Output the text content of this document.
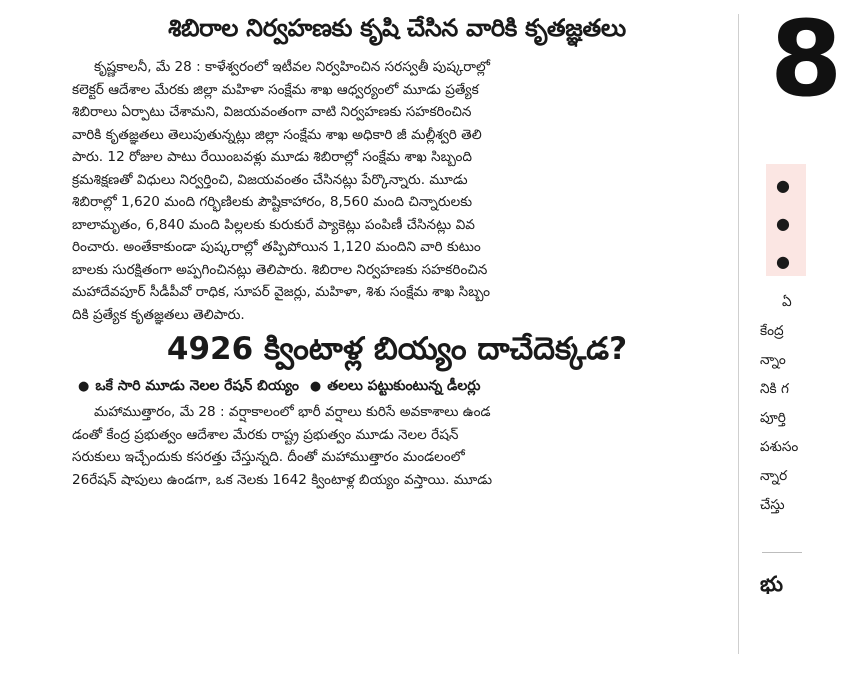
శిబిరాల నిర్వహణకు కృషి చేసిన వారికి కృతజ్ఞతలు
కృష్ణకాలనీ, మే 28 : కాళేశ్వరంలో ఇటీవల నిర్వహించిన సరస్వతీ పుష్కరాల్లో
కలెక్టర్ ఆదేశాల మేరకు జిల్లా మహిళా సంక్షేమ శాఖ ఆధ్వర్యంలో మూడు ప్రత్యేక
శిబిరాలు ఏర్పాటు చేశామని, విజయవంతంగా వాటి నిర్వహణకు సహకరించిన
వారికి కృతజ్ఞతలు తెలుపుతున్నట్లు జిల్లా సంక్షేమ శాఖ అధికారి జీ మల్లీశ్వరి తెలి
పారు. 12 రోజుల పాటు రేయింబవళ్లు మూడు శిబిరాల్లో సంక్షేమ శాఖ సిబ్బంది
క్రమశిక్షణతో విధులు నిర్వర్తించి, విజయవంతం చేసినట్లు పేర్కొన్నారు. మూడు
శిబిరాల్లో 1,620 మంది గర్భిణిలకు పౌష్టికాహారం, 8,560 మంది చిన్నారులకు
బాలామృతం, 6,840 మంది పిల్లలకు కురుకురే ప్యాకెట్లు పంపిణీ చేసినట్లు వివ
రించారు. అంతేకాకుండా పుష్కరాల్లో తప్పిపోయిన 1,120 మందిని వారి కుటుం
బాలకు సురక్షితంగా అప్పగించినట్లు తెలిపారు. శిబిరాల నిర్వహణకు సహకరించిన
మహాదేవపూర్ సీడీపీవో రాధిక, సూపర్ వైజర్లు, మహిళా, శిశు సంక్షేమ శాఖ సిబ్బం
దికి ప్రత్యేక కృతజ్ఞతలు తెలిపారు.
4926 క్వింటాళ్ల బియ్యం దాచేదెక్కడ?
● ఒకే సారి మూడు నెలల రేషన్ బియ్యం ● తలలు పట్టుకుంటున్న డీలర్లు
మహాముత్తారం, మే 28 : వర్షాకాలంలో భారీ వర్షాలు కురిసే అవకాశాలు ఉండ
డంతో కేంద్ర ప్రభుత్వం ఆదేశాల మేరకు రాష్ట్ర ప్రభుత్వం మూడు నెలల రేషన్
సరుకులు ఇచ్చేందుకు కసరత్తు చేస్తున్నది. దీంతో మహాముత్తారం మండలంలో
26రేషన్ షాపులు ఉండగా, ఒక నెలకు 1642 క్వింటాళ్ల బియ్యం వస్తాయి. మూడు
8
●
●
●
ఏ
కేంద్ర
న్నాం
నికి గ
పూర్తి
పశుసం
న్నార
చేస్తు
భు
